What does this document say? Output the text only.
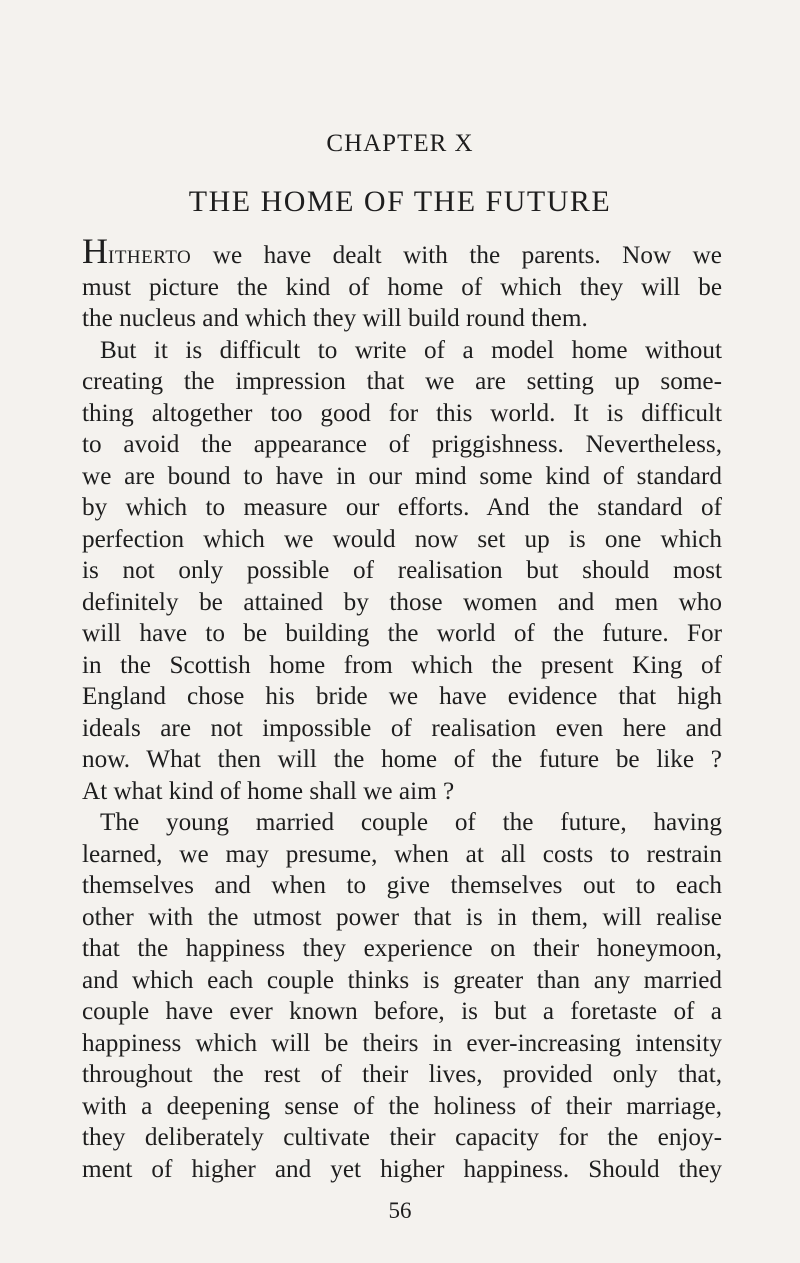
CHAPTER X

THE HOME OF THE FUTURE
HITHERTO we have dealt with the parents. Now we
must picture the kind of home of which they will be
the nucleus and which they will build round them.
But it is difficult to write of a model home without
creating the impression that we are setting up some-
thing altogether too good for this world. It is difficult
to avoid the appearance of priggishness. Nevertheless,
we are bound to have in our mind some kind of standard
by which to measure our efforts. And the standard of
perfection which we would now set up is one which
is not only possible of realisation but should most
definitely be attained by those women and men who
will have to be building the world of the future. For
in the Scottish home from which the present King of
England chose his bride we have evidence that high
ideals are not impossible of realisation even here and
now. What then will the home of the future be like ?
At what kind of home shall we aim ?
The young married couple of the future, having
learned, we may presume, when at all costs to restrain
themselves and when to give themselves out to each
other with the utmost power that is in them, will realise
that the happiness they experience on their honeymoon,
and which each couple thinks is greater than any married
couple have ever known before, is but a foretaste of a
happiness which will be theirs in ever-increasing intensity
throughout the rest of their lives, provided only that,
with a deepening sense of the holiness of their marriage,
they deliberately cultivate their capacity for the enjoy-
ment of higher and yet higher happiness. Should they

56
